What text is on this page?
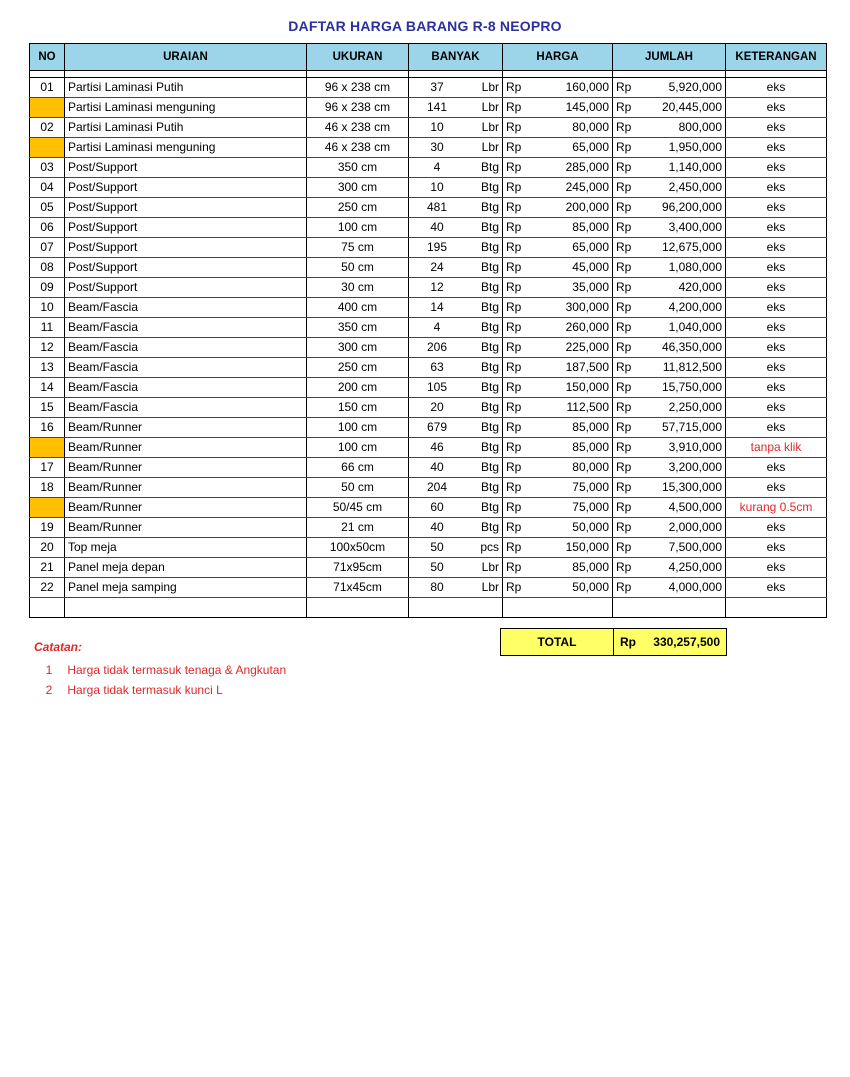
DAFTAR HARGA BARANG R-8 NEOPRO
NO	URAIAN	UKURAN	BANYAK	HARGA	JUMLAH	KETERANGAN

01	Partisi Laminasi Putih	96 x 238 cm	37 Lbr	Rp 160,000	Rp 5,920,000	eks
	Partisi Laminasi menguning	96 x 238 cm	141 Lbr	Rp 145,000	Rp 20,445,000	eks
02	Partisi Laminasi Putih	46 x 238 cm	10 Lbr	Rp 80,000	Rp 800,000	eks
	Partisi Laminasi menguning	46 x 238 cm	30 Lbr	Rp 65,000	Rp 1,950,000	eks
03	Post/Support	350 cm	4 Btg	Rp 285,000	Rp 1,140,000	eks
04	Post/Support	300 cm	10 Btg	Rp 245,000	Rp 2,450,000	eks
05	Post/Support	250 cm	481 Btg	Rp 200,000	Rp 96,200,000	eks
06	Post/Support	100 cm	40 Btg	Rp 85,000	Rp 3,400,000	eks
07	Post/Support	75 cm	195 Btg	Rp 65,000	Rp 12,675,000	eks
08	Post/Support	50 cm	24 Btg	Rp 45,000	Rp 1,080,000	eks
09	Post/Support	30 cm	12 Btg	Rp 35,000	Rp 420,000	eks
10	Beam/Fascia	400 cm	14 Btg	Rp 300,000	Rp 4,200,000	eks
11	Beam/Fascia	350 cm	4 Btg	Rp 260,000	Rp 1,040,000	eks
12	Beam/Fascia	300 cm	206 Btg	Rp 225,000	Rp 46,350,000	eks
13	Beam/Fascia	250 cm	63 Btg	Rp 187,500	Rp 11,812,500	eks
14	Beam/Fascia	200 cm	105 Btg	Rp 150,000	Rp 15,750,000	eks
15	Beam/Fascia	150 cm	20 Btg	Rp 112,500	Rp 2,250,000	eks
16	Beam/Runner	100 cm	679 Btg	Rp 85,000	Rp 57,715,000	eks
	Beam/Runner	100 cm	46 Btg	Rp 85,000	Rp 3,910,000	tanpa klik
17	Beam/Runner	66 cm	40 Btg	Rp 80,000	Rp 3,200,000	eks
18	Beam/Runner	50 cm	204 Btg	Rp 75,000	Rp 15,300,000	eks
	Beam/Runner	50/45 cm	60 Btg	Rp 75,000	Rp 4,500,000	kurang 0.5cm
19	Beam/Runner	21 cm	40 Btg	Rp 50,000	Rp 2,000,000	eks
20	Top meja	100x50cm	50 pcs	Rp 150,000	Rp 7,500,000	eks
21	Panel meja depan	71x95cm	50 Lbr	Rp 85,000	Rp 4,250,000	eks
22	Panel meja samping	71x45cm	80 Lbr	Rp 50,000	Rp 4,000,000	eks

TOTAL	Rp 330,257,500
Catatan:
1 Harga tidak termasuk tenaga & Angkutan
2 Harga tidak termasuk kunci L
